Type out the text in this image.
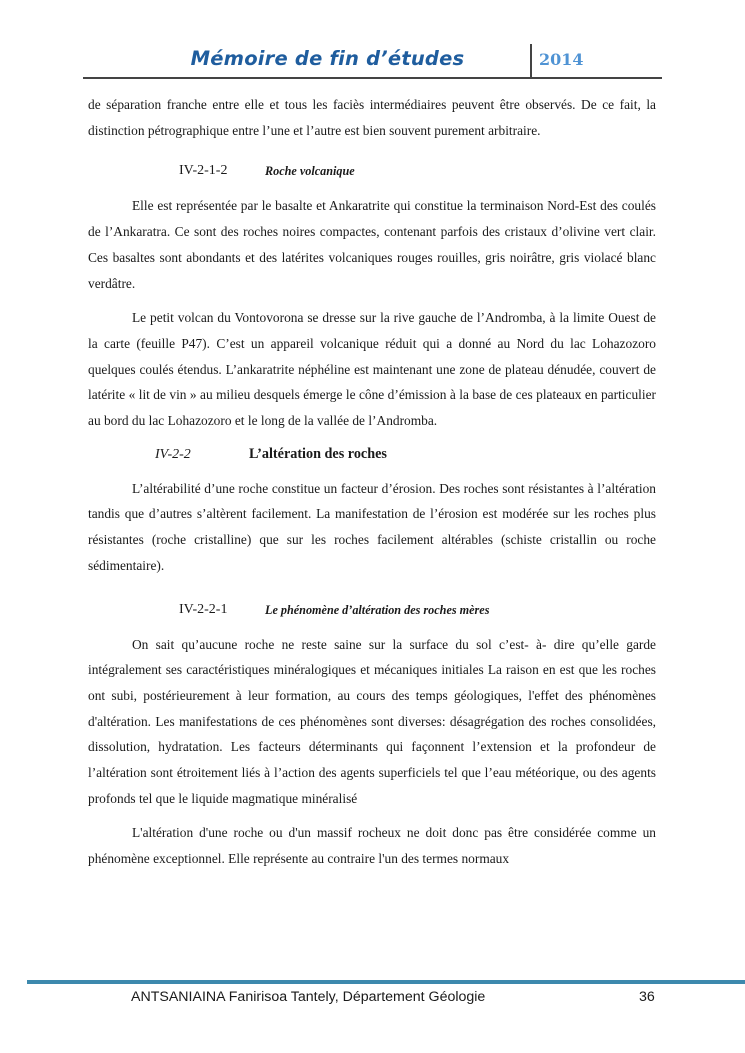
Mémoire de fin d’études	2014

de séparation franche entre elle et tous les faciès intermédiaires peuvent être observés. De ce fait, la distinction pétrographique entre l’une et l’autre est bien souvent purement arbitraire.

IV-2-1-2	Roche volcanique

Elle est représentée par le basalte et Ankaratrite qui constitue la terminaison Nord-Est des coulés de l’Ankaratra. Ce sont des roches noires compactes, contenant parfois des cristaux d’olivine vert clair. Ces basaltes sont abondants et des latérites volcaniques rouges rouilles, gris noirâtre, gris violacé blanc verdâtre.

Le petit volcan du Vontovorona se dresse sur la rive gauche de l’Andromba, à la limite Ouest de la carte (feuille P47). C’est un appareil volcanique réduit qui a donné au Nord du lac Lohazozoro quelques coulés étendus. L’ankaratrite néphéline est maintenant une zone de plateau dénudée, couvert de latérite « lit de vin » au milieu desquels émerge le cône d’émission à la base de ces plateaux en particulier au bord du lac Lohazozoro et le long de la vallée de l’Andromba.

IV-2-2	L’altération des roches

L’altérabilité d’une roche constitue un facteur d’érosion. Des roches sont résistantes à l’altération tandis que d’autres s’altèrent facilement. La manifestation de l’érosion est modérée sur les roches plus résistantes (roche cristalline) que sur les roches facilement altérables (schiste cristallin ou roche sédimentaire).

IV-2-2-1	Le phénomène d’altération des roches mères

On sait qu’aucune roche ne reste saine sur la surface du sol c’est- à- dire qu’elle garde intégralement ses caractéristiques minéralogiques et mécaniques initiales La raison en est que les roches ont subi, postérieurement à leur formation, au cours des temps géologiques, l'effet des phénomènes d'altération. Les manifestations de ces phénomènes sont diverses: désagrégation des roches consolidées, dissolution, hydratation. Les facteurs déterminants qui façonnent l’extension et la profondeur de l’altération sont étroitement liés à l’action des agents superficiels tel que l’eau météorique, ou des agents profonds tel que le liquide magmatique minéralisé

L'altération d'une roche ou d'un massif rocheux ne doit donc pas être considérée comme un phénomène exceptionnel. Elle représente au contraire l'un des termes normaux

ANTSANIAINA Fanirisoa Tantely, Département Géologie	36
